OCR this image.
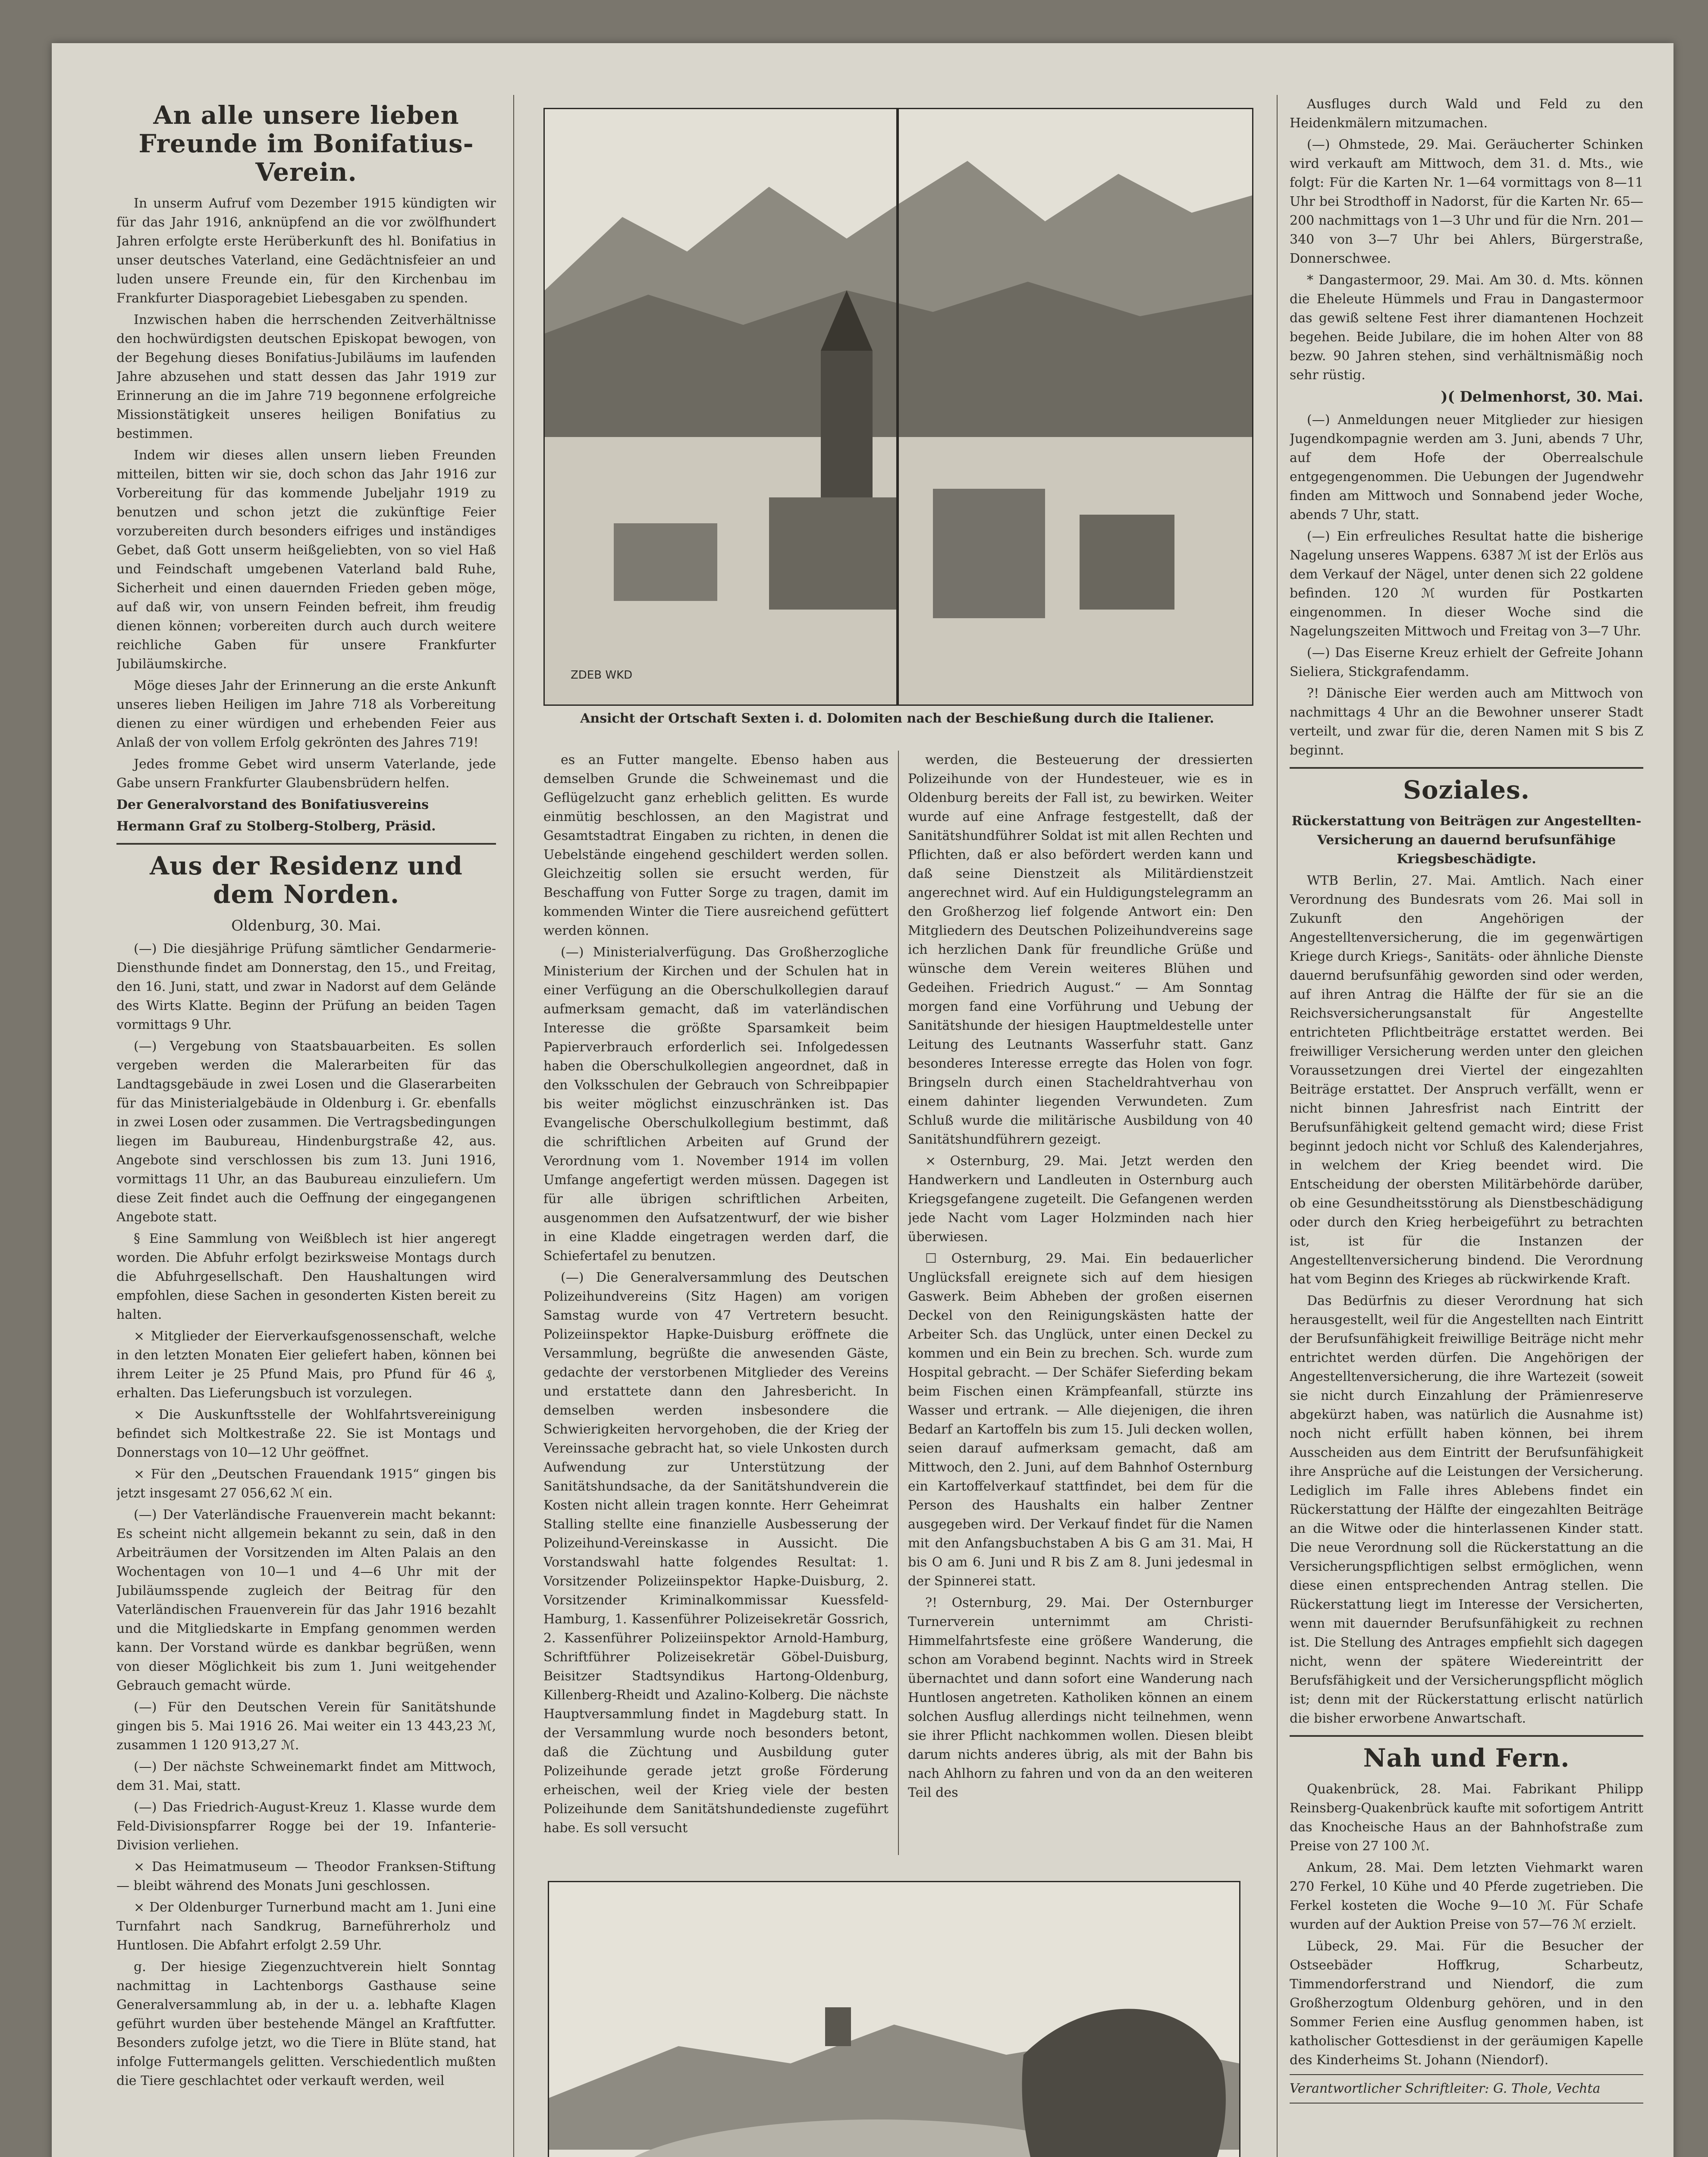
An alle unsere lieben Freunde im Bonifatius-Verein.

In unserm Aufruf vom Dezember 1915 kündigten wir für das Jahr 1916, anknüpfend an die vor zwölfhundert Jahren erfolgte erste Herüberkunft des hl. Bonifatius in unser deutsches Vaterland, eine Gedächtnisfeier an und luden unsere Freunde ein, für den Kirchenbau im Frankfurter Diasporagebiet Liebesgaben zu spenden.

Inzwischen haben die herrschenden Zeitverhältnisse den hochwürdigsten deutschen Episkopat bewogen, von der Begehung dieses Bonifatius-Jubiläums im laufenden Jahre abzusehen und statt dessen das Jahr 1919 zur Erinnerung an die im Jahre 719 begonnene erfolgreiche Missionstätigkeit unseres heiligen Bonifatius zu bestimmen.

Indem wir dieses allen unsern lieben Freunden mitteilen, bitten wir sie, doch schon das Jahr 1916 zur Vorbereitung für das kommende Jubeljahr 1919 zu benutzen und schon jetzt die zukünftige Feier vorzubereiten durch besonders eifriges und inständiges Gebet, daß Gott unserm heißgeliebten, von so viel Haß und Feindschaft umgebenen Vaterland bald Ruhe, Sicherheit und einen dauernden Frieden geben möge, auf daß wir, von unsern Feinden befreit, ihm freudig dienen können; vorbereiten durch auch durch weitere reichliche Gaben für unsere Frankfurter Jubiläumskirche.

Möge dieses Jahr der Erinnerung an die erste Ankunft unseres lieben Heiligen im Jahre 718 als Vorbereitung dienen zu einer würdigen und erhebenden Feier aus Anlaß der von vollem Erfolg gekrönten des Jahres 719!

Jedes fromme Gebet wird unserm Vaterlande, jede Gabe unsern Frankfurter Glaubensbrüdern helfen.

Der Generalvorstand des Bonifatiusvereins

Hermann Graf zu Stolberg-Stolberg, Präsid.

Aus der Residenz und dem Norden.
Oldenburg, 30. Mai.

(—) Die diesjährige Prüfung sämtlicher Gendarmerie-Diensthunde findet am Donnerstag, den 15., und Freitag, den 16. Juni, statt, und zwar in Nadorst auf dem Gelände des Wirts Klatte. Beginn der Prüfung an beiden Tagen vormittags 9 Uhr.

(—) Vergebung von Staatsbauarbeiten. Es sollen vergeben werden die Malerarbeiten für das Landtagsgebäude in zwei Losen und die Glaserarbeiten für das Ministerialgebäude in Oldenburg i. Gr. ebenfalls in zwei Losen oder zusammen. Die Vertragsbedingungen liegen im Baubureau, Hindenburgstraße 42, aus. Angebote sind verschlossen bis zum 13. Juni 1916, vormittags 11 Uhr, an das Baubureau einzuliefern. Um diese Zeit findet auch die Oeffnung der eingegangenen Angebote statt.

§ Eine Sammlung von Weißblech ist hier angeregt worden. Die Abfuhr erfolgt bezirksweise Montags durch die Abfuhrgesellschaft. Den Haushaltungen wird empfohlen, diese Sachen in gesonderten Kisten bereit zu halten.

× Mitglieder der Eierverkaufsgenossenschaft, welche in den letzten Monaten Eier geliefert haben, können bei ihrem Leiter je 25 Pfund Mais, pro Pfund für 46 ₰, erhalten. Das Lieferungsbuch ist vorzulegen.

× Die Auskunftsstelle der Wohlfahrtsvereinigung befindet sich Moltkestraße 22. Sie ist Montags und Donnerstags von 10—12 Uhr geöffnet.

× Für den „Deutschen Frauendank 1915“ gingen bis jetzt insgesamt 27 056,62 ℳ ein.

(—) Der Vaterländische Frauenverein macht bekannt: Es scheint nicht allgemein bekannt zu sein, daß in den Arbeiträumen der Vorsitzenden im Alten Palais an den Wochentagen von 10—1 und 4—6 Uhr mit der Jubiläumsspende zugleich der Beitrag für den Vaterländischen Frauenverein für das Jahr 1916 bezahlt und die Mitgliedskarte in Empfang genommen werden kann. Der Vorstand würde es dankbar begrüßen, wenn von dieser Möglichkeit bis zum 1. Juni weitgehender Gebrauch gemacht würde.

(—) Für den Deutschen Verein für Sanitätshunde gingen bis 5. Mai 1916 26. Mai weiter ein 13 443,23 ℳ, zusammen 1 120 913,27 ℳ.

(—) Der nächste Schweinemarkt findet am Mittwoch, dem 31. Mai, statt.

(—) Das Friedrich-August-Kreuz 1. Klasse wurde dem Feld-Divisionspfarrer Rogge bei der 19. Infanterie-Division verliehen.

× Das Heimatmuseum — Theodor Franksen-Stiftung — bleibt während des Monats Juni geschlossen.

× Der Oldenburger Turnerbund macht am 1. Juni eine Turnfahrt nach Sandkrug, Barneführerholz und Huntlosen. Die Abfahrt erfolgt 2.59 Uhr.

g. Der hiesige Ziegenzuchtverein hielt Sonntag nachmittag in Lachtenborgs Gasthause seine Generalversammlung ab, in der u. a. lebhafte Klagen geführt wurden über bestehende Mängel an Kraftfutter. Besonders zufolge jetzt, wo die Tiere in Blüte stand, hat infolge Futtermangels gelitten. Verschiedentlich mußten die Tiere geschlachtet oder verkauft werden, weil

ZDEB WKD
Ansicht der Ortschaft Sexten i. d. Dolomiten nach der Beschießung durch die Italiener.

es an Futter mangelte. Ebenso haben aus demselben Grunde die Schweinemast und die Geflügelzucht ganz erheblich gelitten. Es wurde einmütig beschlossen, an den Magistrat und Gesamtstadtrat Eingaben zu richten, in denen die Uebelstände eingehend geschildert werden sollen. Gleichzeitig sollen sie ersucht werden, für Beschaffung von Futter Sorge zu tragen, damit im kommenden Winter die Tiere ausreichend gefüttert werden können.

(—) Ministerialverfügung. Das Großherzogliche Ministerium der Kirchen und der Schulen hat in einer Verfügung an die Oberschulkollegien darauf aufmerksam gemacht, daß im vaterländischen Interesse die größte Sparsamkeit beim Papierverbrauch erforderlich sei. Infolgedessen haben die Oberschulkollegien angeordnet, daß in den Volksschulen der Gebrauch von Schreibpapier bis weiter möglichst einzuschränken ist. Das Evangelische Oberschulkollegium bestimmt, daß die schriftlichen Arbeiten auf Grund der Verordnung vom 1. November 1914 im vollen Umfange angefertigt werden müssen. Dagegen ist für alle übrigen schriftlichen Arbeiten, ausgenommen den Aufsatzentwurf, der wie bisher in eine Kladde eingetragen werden darf, die Schiefertafel zu benutzen.

(—) Die Generalversammlung des Deutschen Polizeihundvereins (Sitz Hagen) am vorigen Samstag wurde von 47 Vertretern besucht. Polizeiinspektor Hapke-Duisburg eröffnete die Versammlung, begrüßte die anwesenden Gäste, gedachte der verstorbenen Mitglieder des Vereins und erstattete dann den Jahresbericht. In demselben werden insbesondere die Schwierigkeiten hervorgehoben, die der Krieg der Vereinssache gebracht hat, so viele Unkosten durch Aufwendung zur Unterstützung der Sanitätshundsache, da der Sanitätshundverein die Kosten nicht allein tragen konnte. Herr Geheimrat Stalling stellte eine finanzielle Ausbesserung der Polizeihund-Vereinskasse in Aussicht. Die Vorstandswahl hatte folgendes Resultat: 1. Vorsitzender Polizeiinspektor Hapke-Duisburg, 2. Vorsitzender Kriminalkommissar Kuessfeld-Hamburg, 1. Kassenführer Polizeisekretär Gossrich, 2. Kassenführer Polizeiinspektor Arnold-Hamburg, Schriftführer Polizeisekretär Göbel-Duisburg, Beisitzer Stadtsyndikus Hartong-Oldenburg, Killenberg-Rheidt und Azalino-Kolberg. Die nächste Hauptversammlung findet in Magdeburg statt. In der Versammlung wurde noch besonders betont, daß die Züchtung und Ausbildung guter Polizeihunde gerade jetzt große Förderung erheischen, weil der Krieg viele der besten Polizeihunde dem Sanitätshundedienste zugeführt habe. Es soll versucht

werden, die Besteuerung der dressierten Polizeihunde von der Hundesteuer, wie es in Oldenburg bereits der Fall ist, zu bewirken. Weiter wurde auf eine Anfrage festgestellt, daß der Sanitätshundführer Soldat ist mit allen Rechten und Pflichten, daß er also befördert werden kann und daß seine Dienstzeit als Militärdienstzeit angerechnet wird. Auf ein Huldigungstelegramm an den Großherzog lief folgende Antwort ein: Den Mitgliedern des Deutschen Polizeihundvereins sage ich herzlichen Dank für freundliche Grüße und wünsche dem Verein weiteres Blühen und Gedeihen. Friedrich August.“ — Am Sonntag morgen fand eine Vorführung und Uebung der Sanitätshunde der hiesigen Hauptmeldestelle unter Leitung des Leutnants Wasserfuhr statt. Ganz besonderes Interesse erregte das Holen von fogr. Bringseln durch einen Stacheldrahtverhau von einem dahinter liegenden Verwundeten. Zum Schluß wurde die militärische Ausbildung von 40 Sanitätshundführern gezeigt.

× Osternburg, 29. Mai. Jetzt werden den Handwerkern und Landleuten in Osternburg auch Kriegsgefangene zugeteilt. Die Gefangenen werden jede Nacht vom Lager Holzminden nach hier überwiesen.

☐ Osternburg, 29. Mai. Ein bedauerlicher Unglücksfall ereignete sich auf dem hiesigen Gaswerk. Beim Abheben der großen eisernen Deckel von den Reinigungskästen hatte der Arbeiter Sch. das Unglück, unter einen Deckel zu kommen und ein Bein zu brechen. Sch. wurde zum Hospital gebracht. — Der Schäfer Sieferding bekam beim Fischen einen Krämpfeanfall, stürzte ins Wasser und ertrank. — Alle diejenigen, die ihren Bedarf an Kartoffeln bis zum 15. Juli decken wollen, seien darauf aufmerksam gemacht, daß am Mittwoch, den 2. Juni, auf dem Bahnhof Osternburg ein Kartoffelverkauf stattfindet, bei dem für die Person des Haushalts ein halber Zentner ausgegeben wird. Der Verkauf findet für die Namen mit den Anfangsbuchstaben A bis G am 31. Mai, H bis O am 6. Juni und R bis Z am 8. Juni jedesmal in der Spinnerei statt.

?! Osternburg, 29. Mai. Der Osternburger Turnerverein unternimmt am Christi-Himmelfahrtsfeste eine größere Wanderung, die schon am Vorabend beginnt. Nachts wird in Streek übernachtet und dann sofort eine Wanderung nach Huntlosen angetreten. Katholiken können an einem solchen Ausflug allerdings nicht teilnehmen, wenn sie ihrer Pflicht nachkommen wollen. Diesen bleibt darum nichts anderes übrig, als mit der Bahn bis nach Ahlhorn zu fahren und von da an den weiteren Teil des

Ausfluges durch Wald und Feld zu den Heidenkmälern mitzumachen.

(—) Ohmstede, 29. Mai. Geräucherter Schinken wird verkauft am Mittwoch, dem 31. d. Mts., wie folgt: Für die Karten Nr. 1—64 vormittags von 8—11 Uhr bei Strodthoff in Nadorst, für die Karten Nr. 65—200 nachmittags von 1—3 Uhr und für die Nrn. 201—340 von 3—7 Uhr bei Ahlers, Bürgerstraße, Donnerschwee.

* Dangastermoor, 29. Mai. Am 30. d. Mts. können die Eheleute Hümmels und Frau in Dangastermoor das gewiß seltene Fest ihrer diamantenen Hochzeit begehen. Beide Jubilare, die im hohen Alter von 88 bezw. 90 Jahren stehen, sind verhältnismäßig noch sehr rüstig.

)( Delmenhorst, 30. Mai.

(—) Anmeldungen neuer Mitglieder zur hiesigen Jugendkompagnie werden am 3. Juni, abends 7 Uhr, auf dem Hofe der Oberrealschule entgegengenommen. Die Uebungen der Jugendwehr finden am Mittwoch und Sonnabend jeder Woche, abends 7 Uhr, statt.

(—) Ein erfreuliches Resultat hatte die bisherige Nagelung unseres Wappens. 6387 ℳ ist der Erlös aus dem Verkauf der Nägel, unter denen sich 22 goldene befinden. 120 ℳ wurden für Postkarten eingenommen. In dieser Woche sind die Nagelungszeiten Mittwoch und Freitag von 3—7 Uhr.

(—) Das Eiserne Kreuz erhielt der Gefreite Johann Sieliera, Stickgrafendamm.

?! Dänische Eier werden auch am Mittwoch von nachmittags 4 Uhr an die Bewohner unserer Stadt verteilt, und zwar für die, deren Namen mit S bis Z beginnt.

Soziales.

Rückerstattung von Beiträgen zur Angestellten-Versicherung an dauernd berufsunfähige Kriegsbeschädigte.

WTB Berlin, 27. Mai. Amtlich. Nach einer Verordnung des Bundesrats vom 26. Mai soll in Zukunft den Angehörigen der Angestelltenversicherung, die im gegenwärtigen Kriege durch Kriegs-, Sanitäts- oder ähnliche Dienste dauernd berufsunfähig geworden sind oder werden, auf ihren Antrag die Hälfte der für sie an die Reichsversicherungsanstalt für Angestellte entrichteten Pflichtbeiträge erstattet werden. Bei freiwilliger Versicherung werden unter den gleichen Voraussetzungen drei Viertel der eingezahlten Beiträge erstattet. Der Anspruch verfällt, wenn er nicht binnen Jahresfrist nach Eintritt der Berufsunfähigkeit geltend gemacht wird; diese Frist beginnt jedoch nicht vor Schluß des Kalenderjahres, in welchem der Krieg beendet wird. Die Entscheidung der obersten Militärbehörde darüber, ob eine Gesundheitsstörung als Dienstbeschädigung oder durch den Krieg herbeigeführt zu betrachten ist, ist für die Instanzen der Angestelltenversicherung bindend. Die Verordnung hat vom Beginn des Krieges ab rückwirkende Kraft.

Das Bedürfnis zu dieser Verordnung hat sich herausgestellt, weil für die Angestellten nach Eintritt der Berufsunfähigkeit freiwillige Beiträge nicht mehr entrichtet werden dürfen. Die Angehörigen der Angestelltenversicherung, die ihre Wartezeit (soweit sie nicht durch Einzahlung der Prämienreserve abgekürzt haben, was natürlich die Ausnahme ist) noch nicht erfüllt haben können, bei ihrem Ausscheiden aus dem Eintritt der Berufsunfähigkeit ihre Ansprüche auf die Leistungen der Versicherung. Lediglich im Falle ihres Ablebens findet ein Rückerstattung der Hälfte der eingezahlten Beiträge an die Witwe oder die hinterlassenen Kinder statt. Die neue Verordnung soll die Rückerstattung an die Versicherungspflichtigen selbst ermöglichen, wenn diese einen entsprechenden Antrag stellen. Die Rückerstattung liegt im Interesse der Versicherten, wenn mit dauernder Berufsunfähigkeit zu rechnen ist. Die Stellung des Antrages empfiehlt sich dagegen nicht, wenn der spätere Wiedereintritt der Berufsfähigkeit und der Versicherungspflicht möglich ist; denn mit der Rückerstattung erlischt natürlich die bisher erworbene Anwartschaft.

Nah und Fern.

Quakenbrück, 28. Mai. Fabrikant Philipp Reinsberg-Quakenbrück kaufte mit sofortigem Antritt das Knocheische Haus an der Bahnhofstraße zum Preise von 27 100 ℳ.

Ankum, 28. Mai. Dem letzten Viehmarkt waren 270 Ferkel, 10 Kühe und 40 Pferde zugetrieben. Die Ferkel kosteten die Woche 9—10 ℳ. Für Schafe wurden auf der Auktion Preise von 57—76 ℳ erzielt.

Lübeck, 29. Mai. Für die Besucher der Ostseebäder Hoffkrug, Scharbeutz, Timmendorferstrand und Niendorf, die zum Großherzogtum Oldenburg gehören, und in den Sommer Ferien eine Ausflug genommen haben, ist katholischer Gottesdienst in der geräumigen Kapelle des Kinderheims St. Johann (Niendorf).

Verantwortlicher Schriftleiter: G. Thole, Vechta
